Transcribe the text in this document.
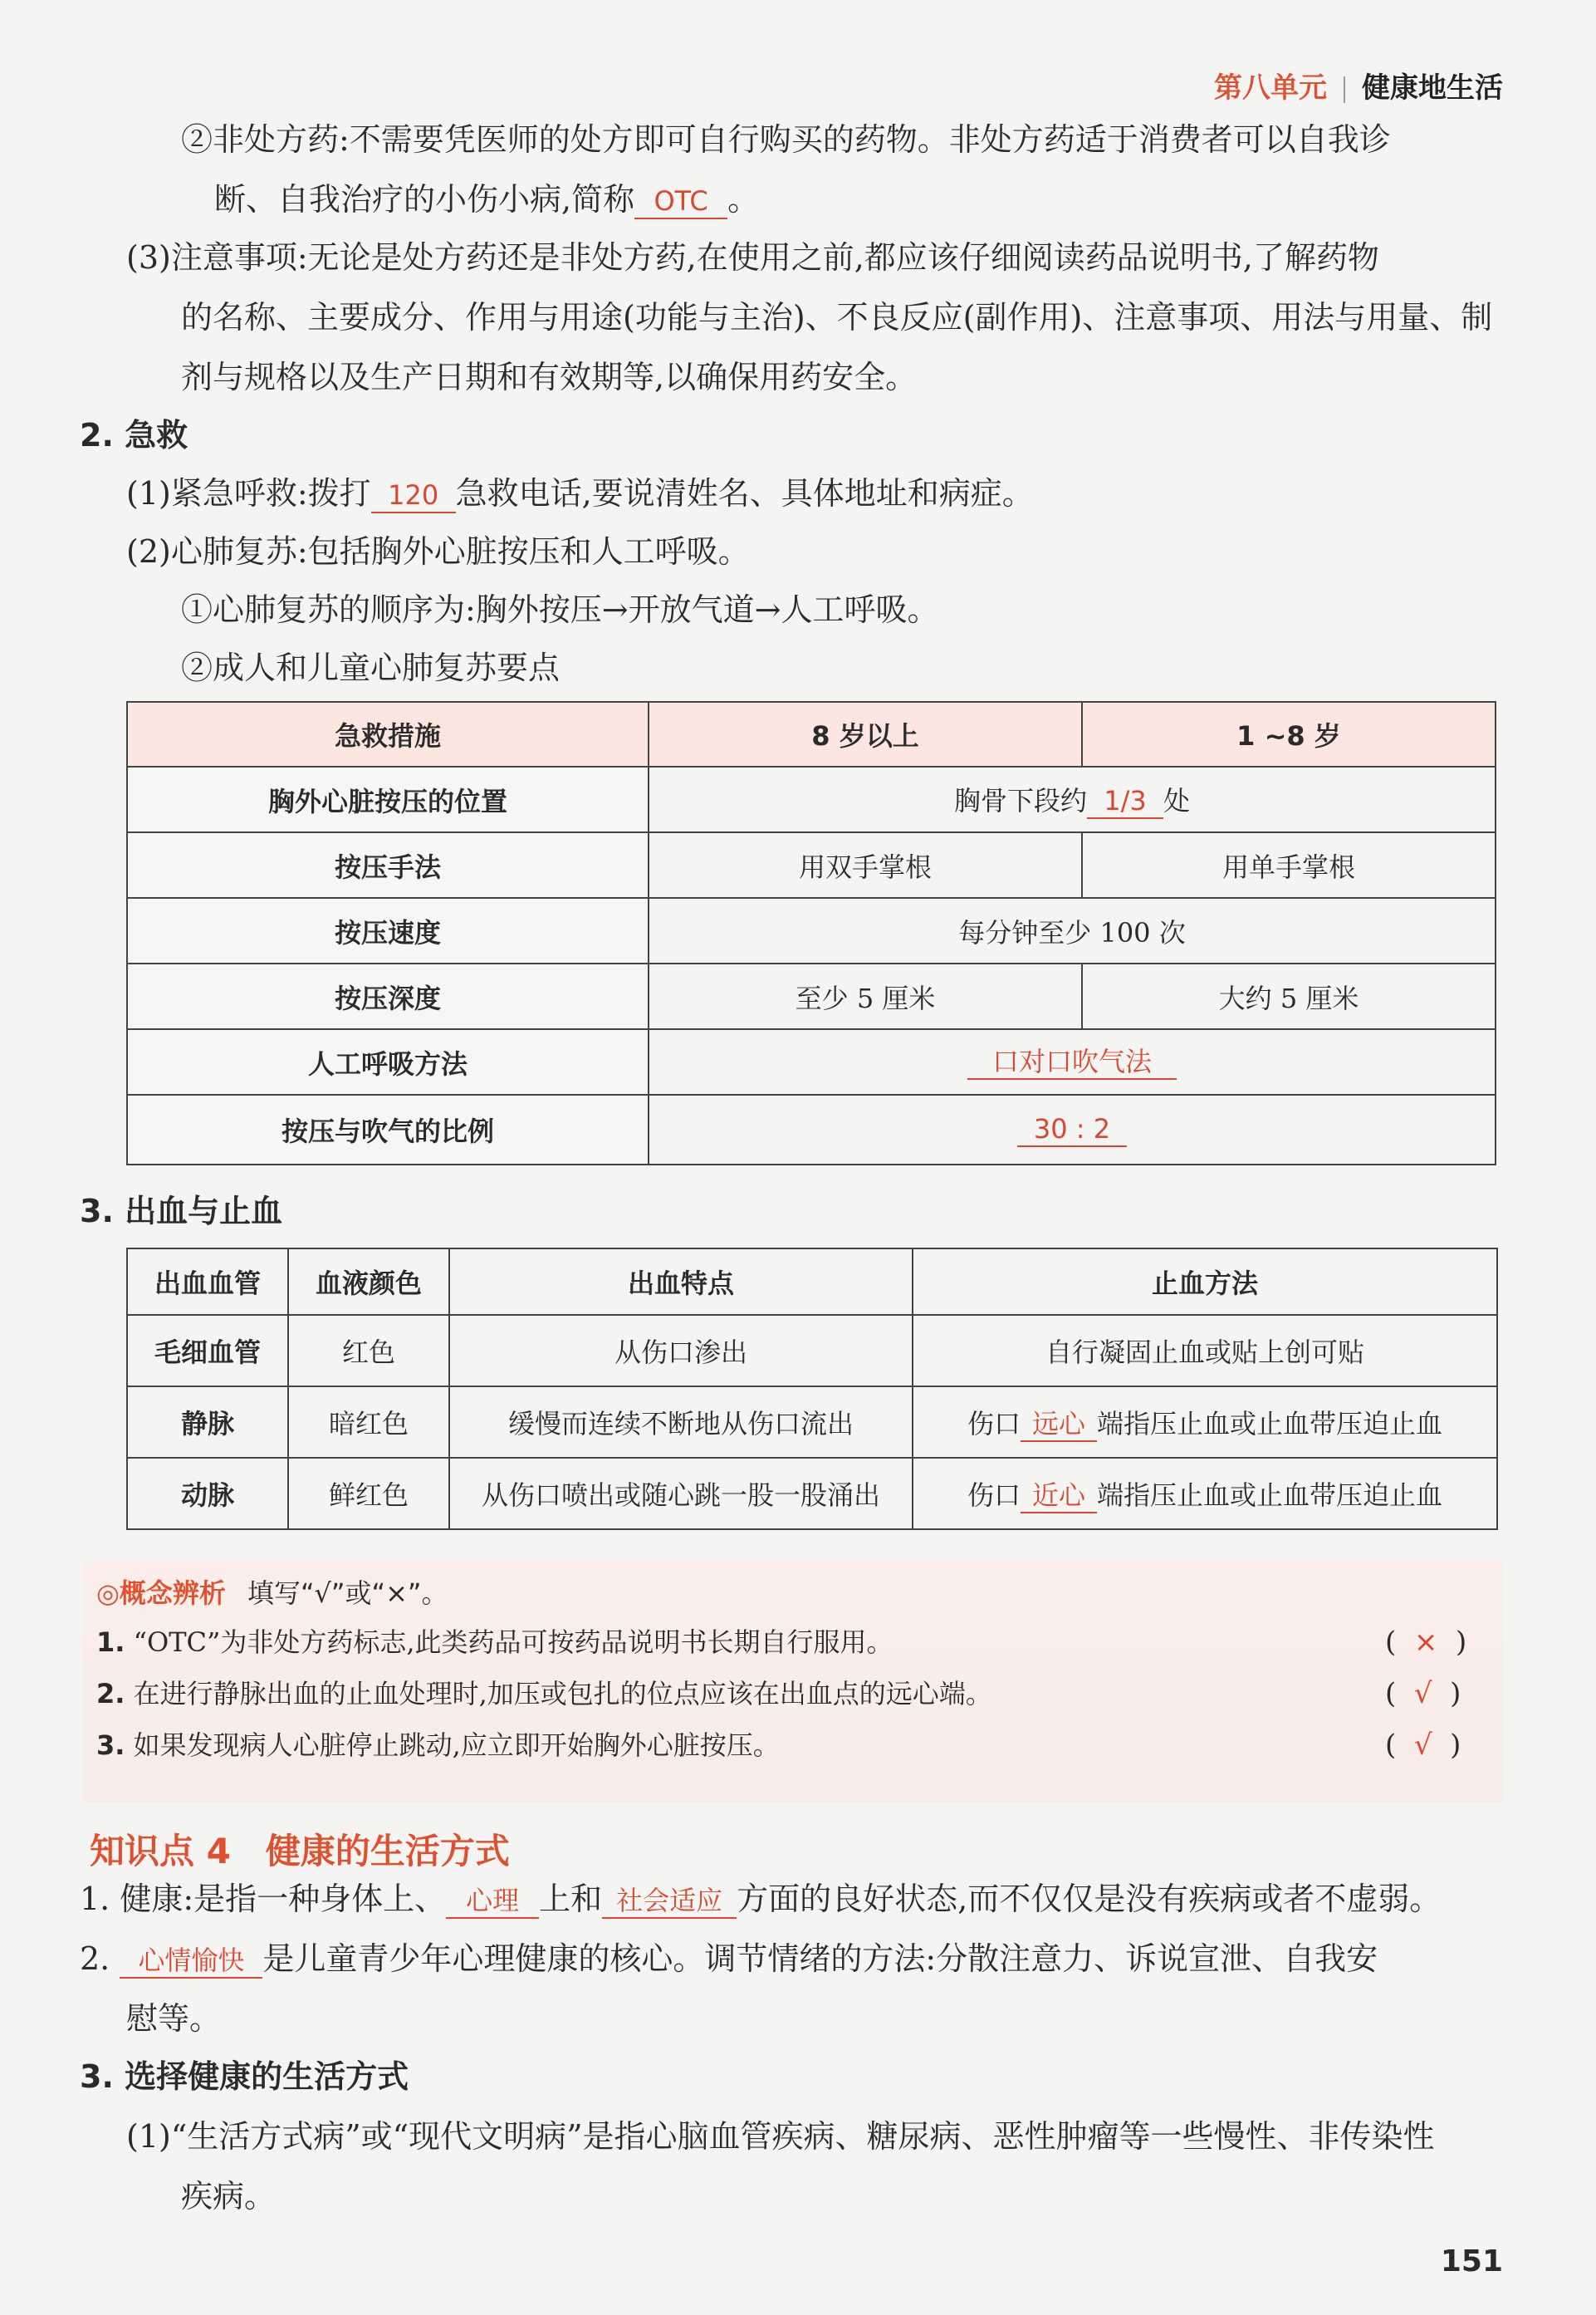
第八单元 健康地生活
②非处方药:不需要凭医师的处方即可自行购买的药物。非处方药适于消费者可以自我诊
断、自我治疗的小伤小病,简称 OTC 。
(3)注意事项:无论是处方药还是非处方药,在使用之前,都应该仔细阅读药品说明书,了解药物
的名称、主要成分、作用与用途(功能与主治)、不良反应(副作用)、注意事项、用法与用量、制
剂与规格以及生产日期和有效期等,以确保用药安全。
2. 急救
(1)紧急呼救:拨打 120 急救电话,要说清姓名、具体地址和病症。
(2)心肺复苏:包括胸外心脏按压和人工呼吸。
①心肺复苏的顺序为:胸外按压→开放气道→人工呼吸。
②成人和儿童心肺复苏要点
急救措施	8 岁以上	1 ~8 岁
胸外心脏按压的位置	胸骨下段约 1/3 处	
按压手法	用双手掌根	用单手掌根
按压速度	每分钟至少 100 次	
按压深度	至少 5 厘米	大约 5 厘米
人工呼吸方法	口对口吹气法	
按压与吹气的比例	30 : 2	
3. 出血与止血
出血血管	血液颜色	出血特点	止血方法
毛细血管	红色	从伤口渗出	自行凝固止血或贴上创可贴
静脉	暗红色	缓慢而连续不断地从伤口流出	伤口 远心 端指压止血或止血带压迫止血
动脉	鲜红色	从伤口喷出或随心跳一股一股涌出	伤口 近心 端指压止血或止血带压迫止血
◎概念辨析 填写“√”或“×”。
1. “OTC”为非处方药标志,此类药品可按药品说明书长期自行服用。	(  ×  )
2. 在进行静脉出血的止血处理时,加压或包扎的位点应该在出血点的远心端。	(  √  )
3. 如果发现病人心脏停止跳动,应立即开始胸外心脏按压。	(  √  )
知识点 4　健康的生活方式
1. 健康:是指一种身体上、 心理 上和 社会适应 方面的良好状态,而不仅仅是没有疾病或者不虚弱。
2. 心情愉快 是儿童青少年心理健康的核心。调节情绪的方法:分散注意力、诉说宣泄、自我安
慰等。
3. 选择健康的生活方式
(1)“生活方式病”或“现代文明病”是指心脑血管疾病、糖尿病、恶性肿瘤等一些慢性、非传染性
疾病。
151
